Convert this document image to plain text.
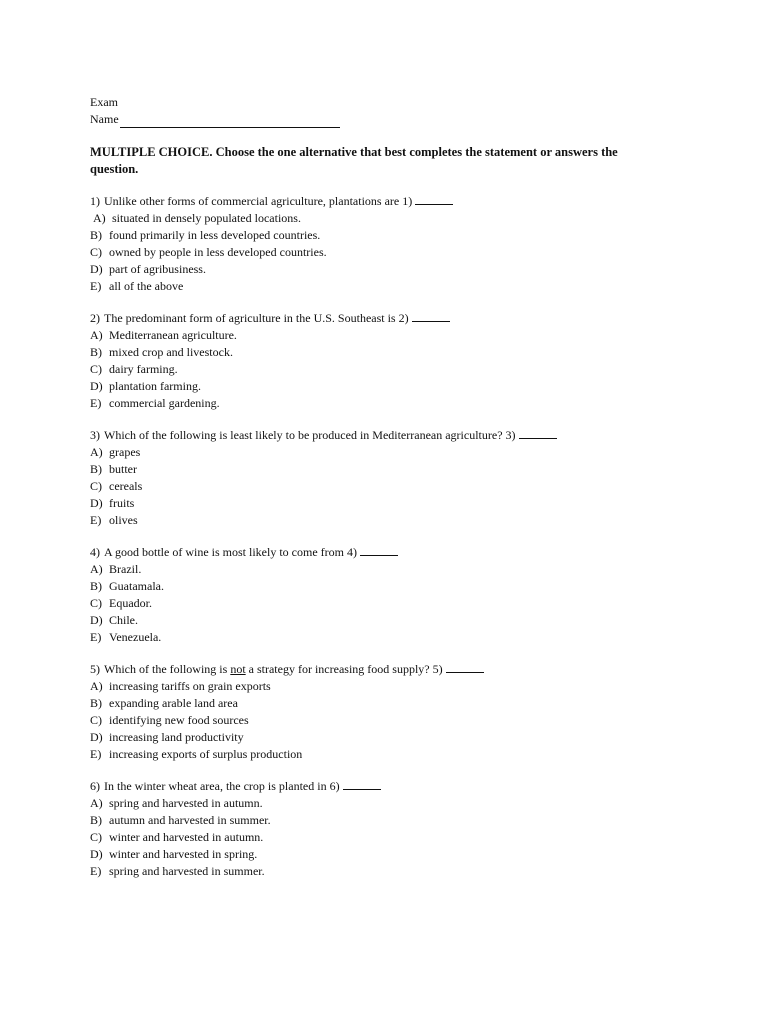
Exam
Name
MULTIPLE CHOICE. Choose the one alternative that best completes the statement or answers the question.
1) Unlike other forms of commercial agriculture, plantations are 1)
A) situated in densely populated locations.
B) found primarily in less developed countries.
C) owned by people in less developed countries.
D) part of agribusiness.
E) all of the above
2) The predominant form of agriculture in the U.S. Southeast is 2)
A) Mediterranean agriculture.
B) mixed crop and livestock.
C) dairy farming.
D) plantation farming.
E) commercial gardening.
3) Which of the following is least likely to be produced in Mediterranean agriculture? 3)
A) grapes
B) butter
C) cereals
D) fruits
E) olives
4) A good bottle of wine is most likely to come from 4)
A) Brazil.
B) Guatamala.
C) Equador.
D) Chile.
E) Venezuela.
5) Which of the following is not a strategy for increasing food supply? 5)
A) increasing tariffs on grain exports
B) expanding arable land area
C) identifying new food sources
D) increasing land productivity
E) increasing exports of surplus production
6) In the winter wheat area, the crop is planted in 6)
A) spring and harvested in autumn.
B) autumn and harvested in summer.
C) winter and harvested in autumn.
D) winter and harvested in spring.
E) spring and harvested in summer.
